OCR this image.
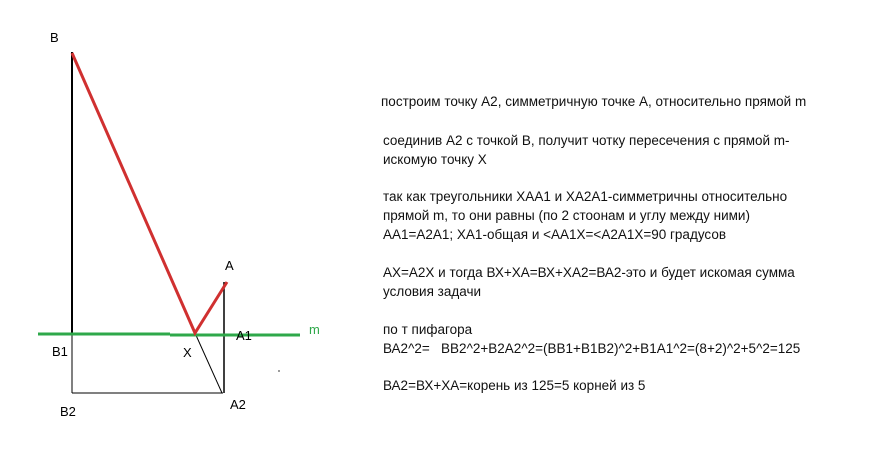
B
B1
B2
A
A1
A2
X
m
построим точку А2, симметричную точке А, относительно прямой m
соединив А2 с точкой В, получит чотку пересечения с прямой m-
искомую точку Х
так как треугольники ХАА1 и ХА2А1-симметричны относительно
прямой m, то они равны (по 2 стоонам и углу между ними)
АА1=А2А1; ХА1-общая и <АА1Х=<А2А1Х=90 градусов
АХ=А2Х и тогда ВХ+ХА=ВХ+ХА2=ВА2-это и будет искомая сумма
условия задачи
по т пифагора
ВА2^2=   ВВ2^2+В2А2^2=(ВВ1+В1В2)^2+В1А1^2=(8+2)^2+5^2=125
ВА2=ВХ+ХА=корень из 125=5 корней из 5
